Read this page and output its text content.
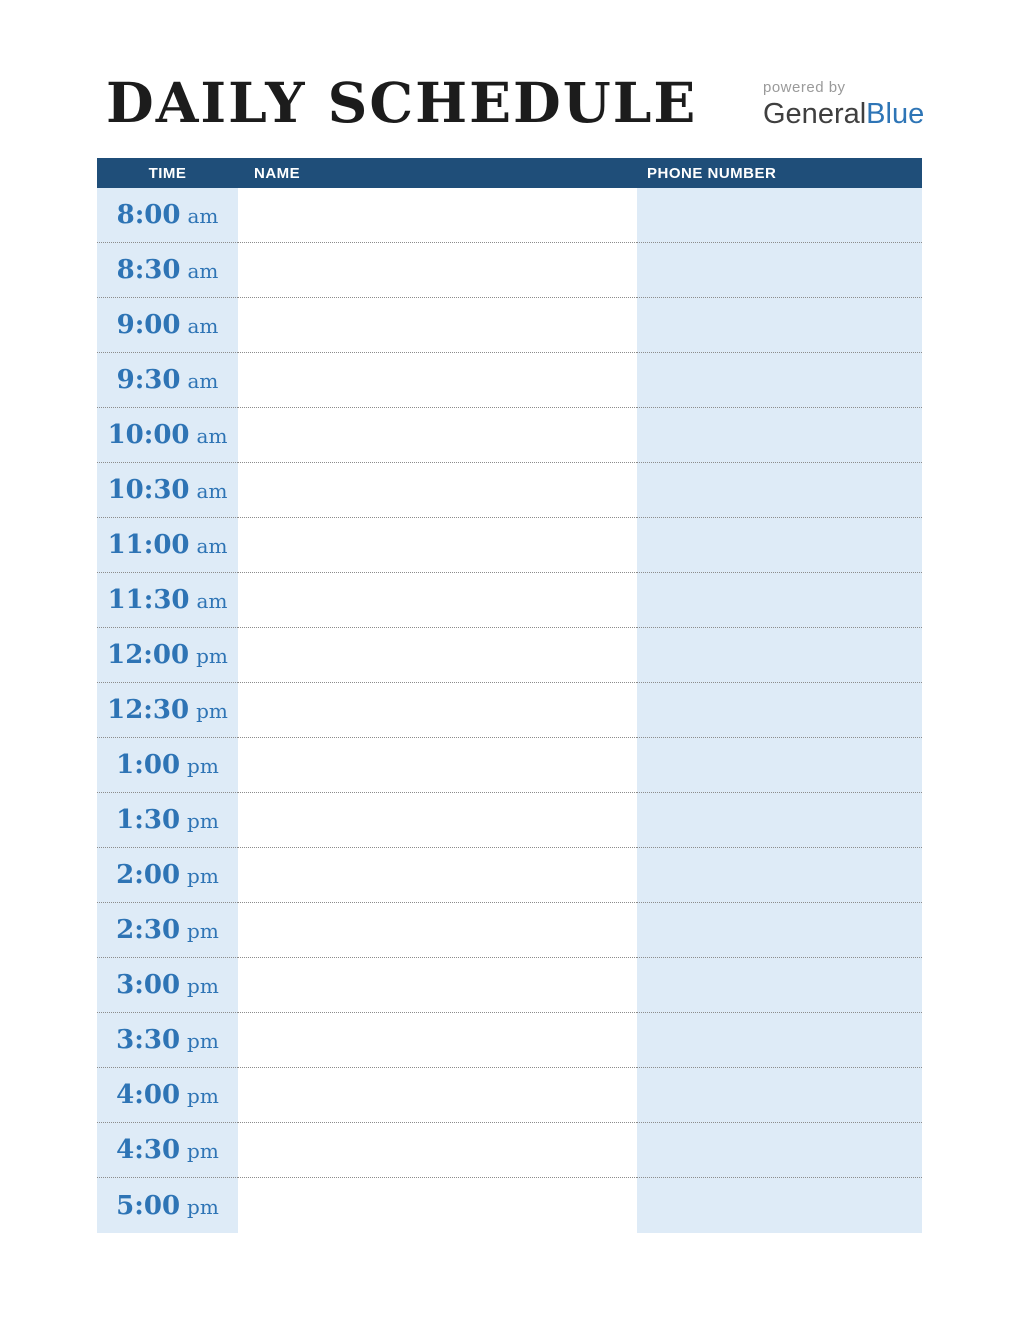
DAILY SCHEDULE	powered by
GeneralBlue
TIME	NAME	PHONE NUMBER
8:00 am
8:30 am
9:00 am
9:30 am
10:00 am
10:30 am
11:00 am
11:30 am
12:00 pm
12:30 pm
1:00 pm
1:30 pm
2:00 pm
2:30 pm
3:00 pm
3:30 pm
4:00 pm
4:30 pm
5:00 pm
